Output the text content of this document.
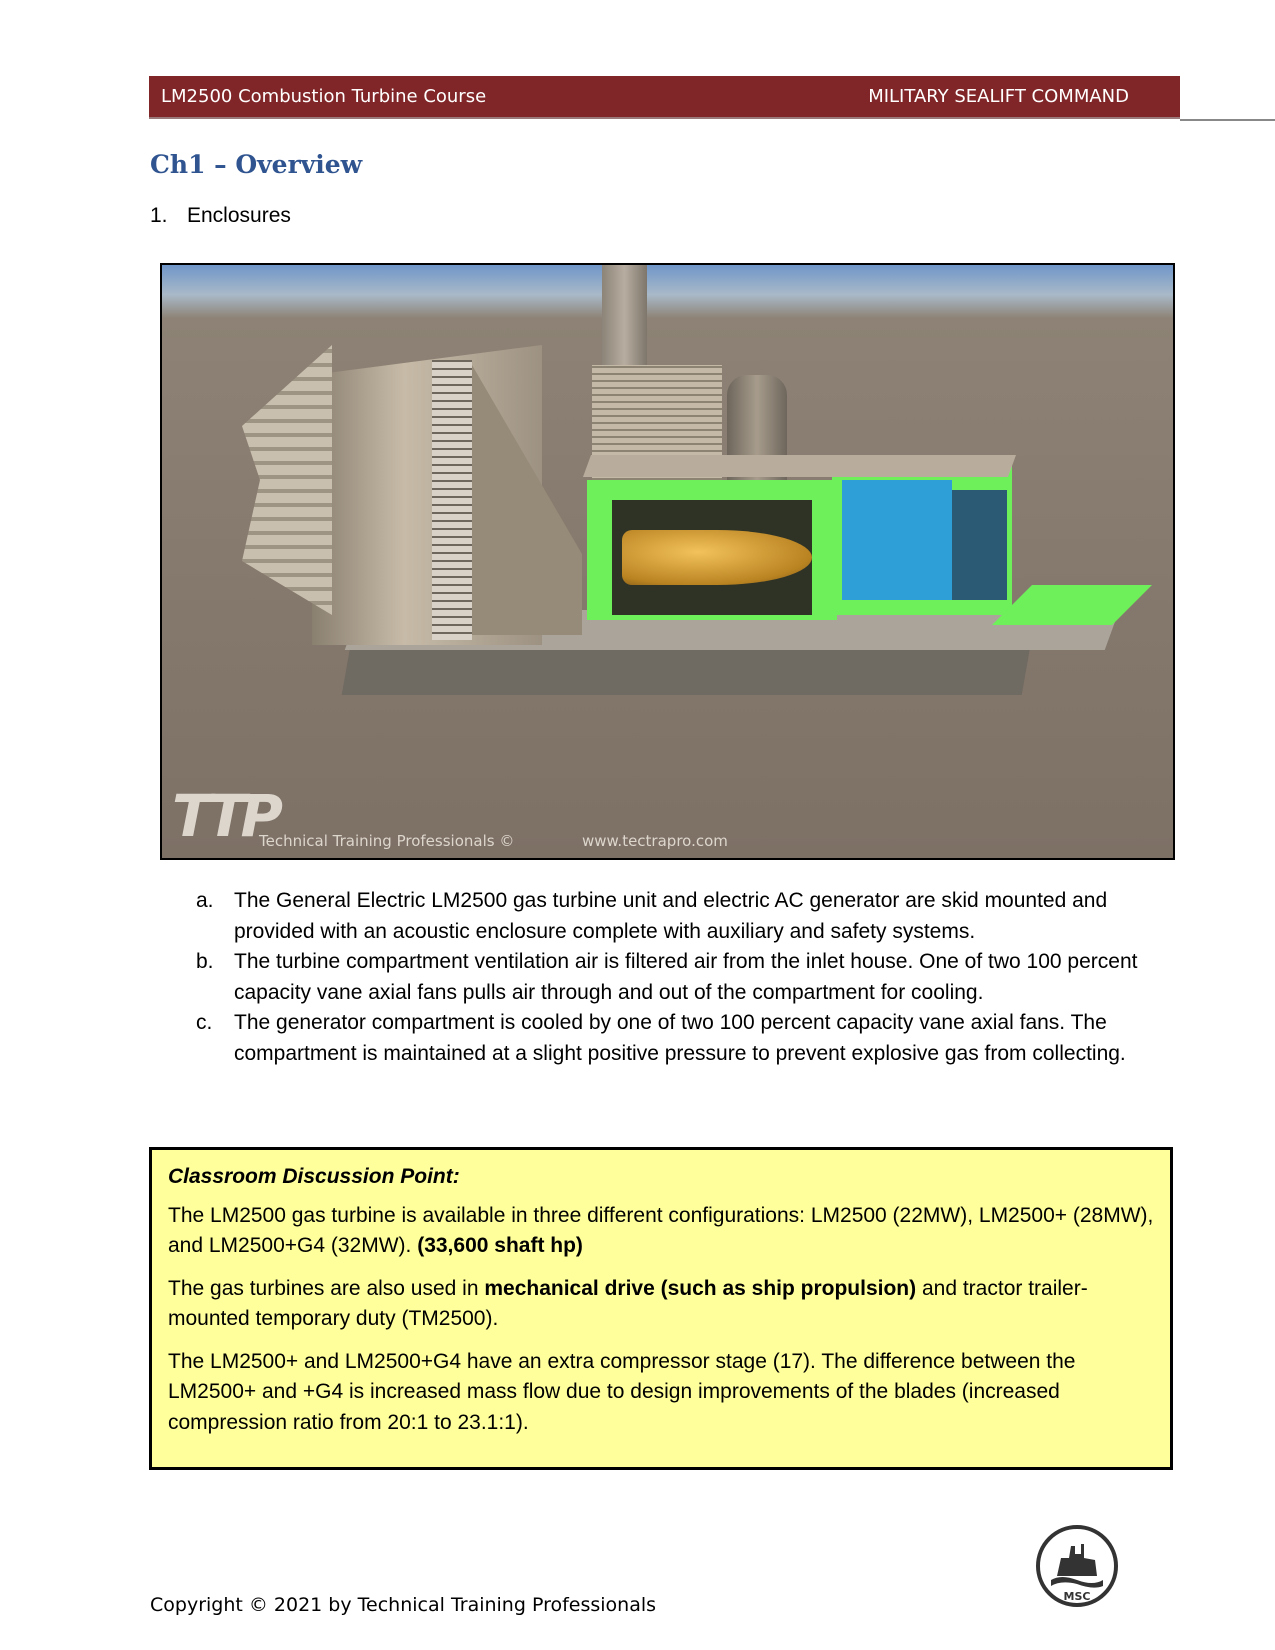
LM2500 Combustion Turbine Course	MILITARY SEALIFT COMMAND
Ch1 – Overview
1. Enclosures
TTP
Technical Training Professionals ©	www.tectrapro.com
a. The General Electric LM2500 gas turbine unit and electric AC generator are skid mounted and provided with an acoustic enclosure complete with auxiliary and safety systems.
b. The turbine compartment ventilation air is filtered air from the inlet house. One of two 100 percent capacity vane axial fans pulls air through and out of the compartment for cooling.
c.	The generator compartment is cooled by one of two 100 percent capacity vane axial fans. The compartment is maintained at a slight positive pressure to prevent explosive gas from collecting.

Classroom Discussion Point:

The LM2500 gas turbine is available in three different configurations: LM2500 (22MW), LM2500+ (28MW), and LM2500+G4 (32MW). (33,600 shaft hp)

The gas turbines are also used in mechanical drive (such as ship propulsion) and tractor trailer-mounted temporary duty (TM2500).

The LM2500+ and LM2500+G4 have an extra compressor stage (17). The difference between the LM2500+ and +G4 is increased mass flow due to design improvements of the blades (increased compression ratio from 20:1 to 23.1:1).

MSC
Copyright © 2021 by Technical Training Professionals
